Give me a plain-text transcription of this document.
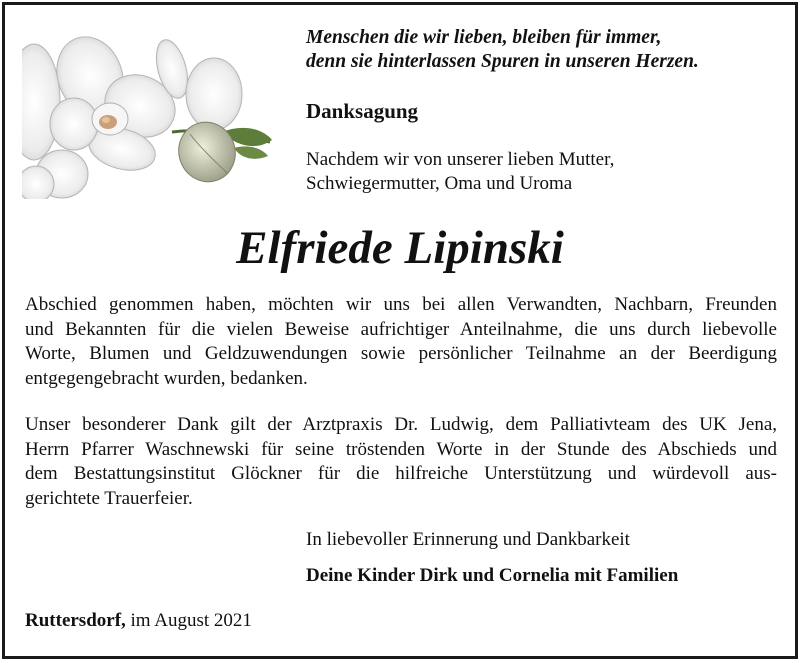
Menschen die wir lieben, bleiben für immer,
denn sie hinterlassen Spuren in unseren Herzen.
Danksagung
Nachdem wir von unserer lieben Mutter,
Schwiegermutter, Oma und Uroma
Elfriede Lipinski
Abschied genommen haben, möchten wir uns bei allen Verwandten, Nachbarn, Freunden
und Bekannten für die vielen Beweise aufrichtiger Anteilnahme, die uns durch liebevolle
Worte, Blumen und Geldzuwendungen sowie persönlicher Teilnahme an der Beerdigung
entgegengebracht wurden, bedanken.
Unser besonderer Dank gilt der Arztpraxis Dr. Ludwig, dem Palliativteam des UK Jena,
Herrn Pfarrer Waschnewski für seine tröstenden Worte in der Stunde des Abschieds und
dem Bestattungsinstitut Glöckner für die hilfreiche Unterstützung und würdevoll aus-
gerichtete Trauerfeier.
In liebevoller Erinnerung und Dankbarkeit
Deine Kinder Dirk und Cornelia mit Familien
Ruttersdorf, im August 2021
